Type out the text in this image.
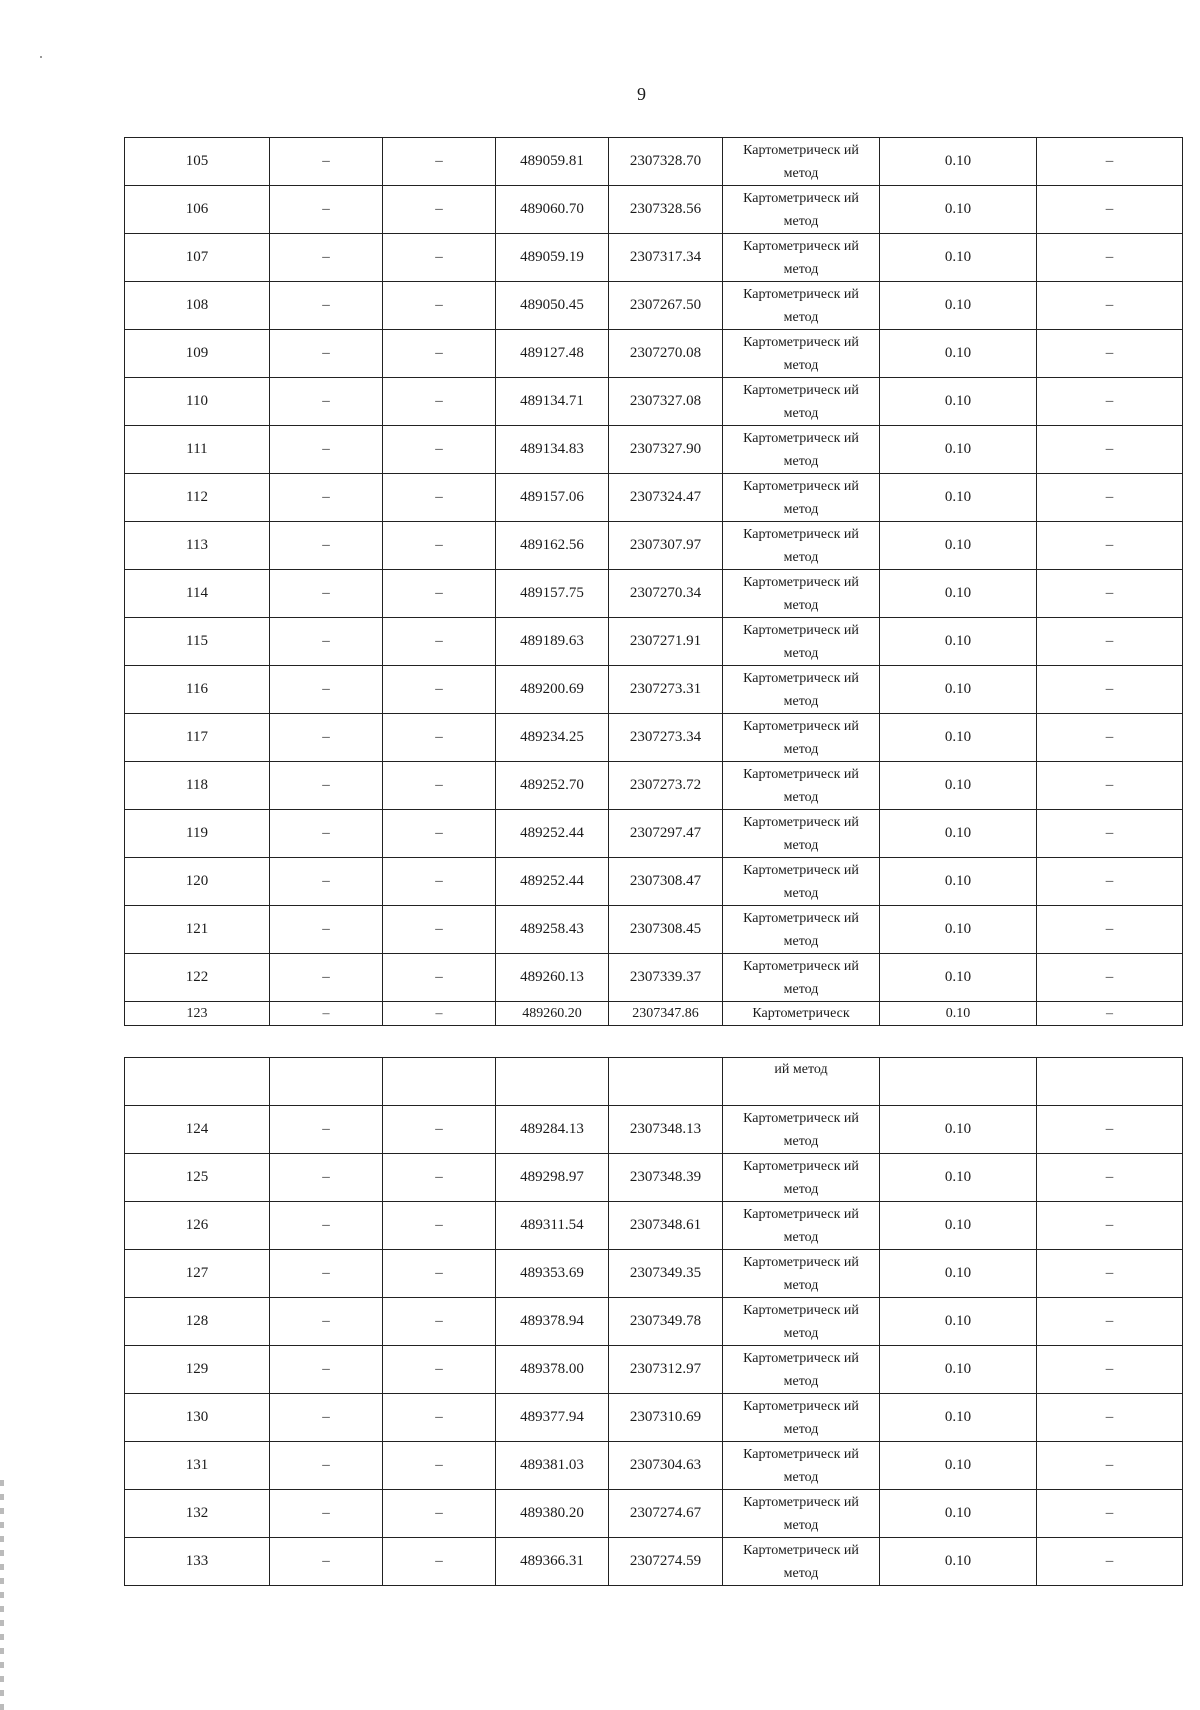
9
105	–	–	489059.81	2307328.70	Картометрическ ий метод	0.10	–
106	–	–	489060.70	2307328.56	Картометрическ ий метод	0.10	–
107	–	–	489059.19	2307317.34	Картометрическ ий метод	0.10	–
108	–	–	489050.45	2307267.50	Картометрическ ий метод	0.10	–
109	–	–	489127.48	2307270.08	Картометрическ ий метод	0.10	–
110	–	–	489134.71	2307327.08	Картометрическ ий метод	0.10	–
111	–	–	489134.83	2307327.90	Картометрическ ий метод	0.10	–
112	–	–	489157.06	2307324.47	Картометрическ ий метод	0.10	–
113	–	–	489162.56	2307307.97	Картометрическ ий метод	0.10	–
114	–	–	489157.75	2307270.34	Картометрическ ий метод	0.10	–
115	–	–	489189.63	2307271.91	Картометрическ ий метод	0.10	–
116	–	–	489200.69	2307273.31	Картометрическ ий метод	0.10	–
117	–	–	489234.25	2307273.34	Картометрическ ий метод	0.10	–
118	–	–	489252.70	2307273.72	Картометрическ ий метод	0.10	–
119	–	–	489252.44	2307297.47	Картометрическ ий метод	0.10	–
120	–	–	489252.44	2307308.47	Картометрическ ий метод	0.10	–
121	–	–	489258.43	2307308.45	Картометрическ ий метод	0.10	–
122	–	–	489260.13	2307339.37	Картометрическ ий метод	0.10	–
123	–	–	489260.20	2307347.86	Картометрическ	0.10	–
					ий метод		
124	–	–	489284.13	2307348.13	Картометрическ ий метод	0.10	–
125	–	–	489298.97	2307348.39	Картометрическ ий метод	0.10	–
126	–	–	489311.54	2307348.61	Картометрическ ий метод	0.10	–
127	–	–	489353.69	2307349.35	Картометрическ ий метод	0.10	–
128	–	–	489378.94	2307349.78	Картометрическ ий метод	0.10	–
129	–	–	489378.00	2307312.97	Картометрическ ий метод	0.10	–
130	–	–	489377.94	2307310.69	Картометрическ ий метод	0.10	–
131	–	–	489381.03	2307304.63	Картометрическ ий метод	0.10	–
132	–	–	489380.20	2307274.67	Картометрическ ий метод	0.10	–
133	–	–	489366.31	2307274.59	Картометрическ ий метод	0.10	–
